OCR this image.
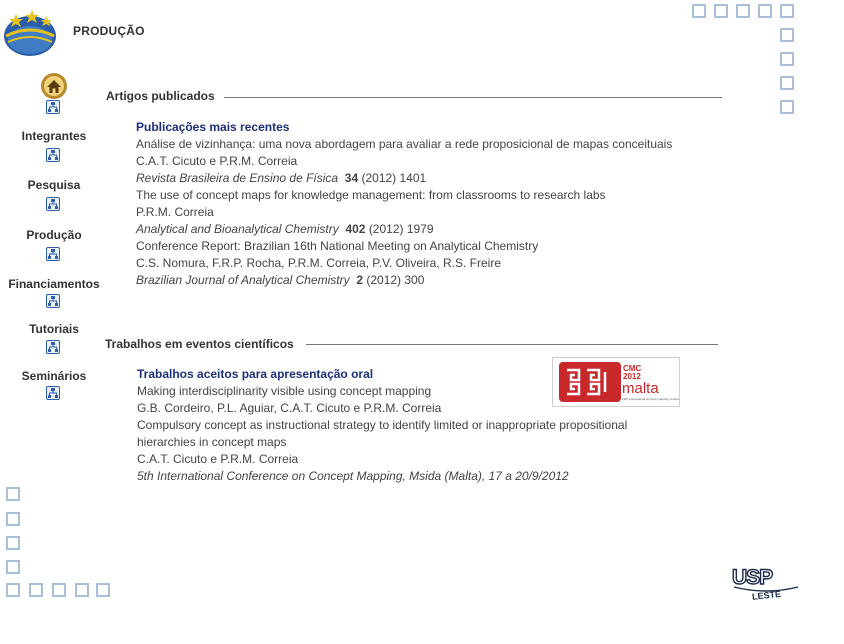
PRODUÇÃO
Integrantes
Pesquisa
Produção
Financiamentos
Tutoriais
Seminários
Artigos publicados
Publicações mais recentes
Análise de vizinhança: uma nova abordagem para avaliar a rede proposicional de mapas conceituais
C.A.T. Cicuto e P.R.M. Correia
Revista Brasileira de Ensino de Física 34 (2012) 1401
The use of concept maps for knowledge management: from classrooms to research labs
P.R.M. Correia
Analytical and Bioanalytical Chemistry 402 (2012) 1979
Conference Report: Brazilian 16th National Meeting on Analytical Chemistry
C.S. Nomura, F.R.P. Rocha, P.R.M. Correia, P.V. Oliveira, R.S. Freire
Brazilian Journal of Analytical Chemistry 2 (2012) 300
Trabalhos em eventos científicos
Trabalhos aceitos para apresentação oral
Making interdisciplinarity visible using concept mapping
G.B. Cordeiro, P.L. Aguiar, C.A.T. Cicuto e P.R.M. Correia
Compulsory concept as instructional strategy to identify limited or inappropriate propositional
hierarchies in concept maps
C.A.T. Cicuto e P.R.M. Correia
5th International Conference on Concept Mapping, Msida (Malta), 17 a 20/9/2012
CMC
2012
malta
Fifth International concept mapping conference
USP
LESTE
